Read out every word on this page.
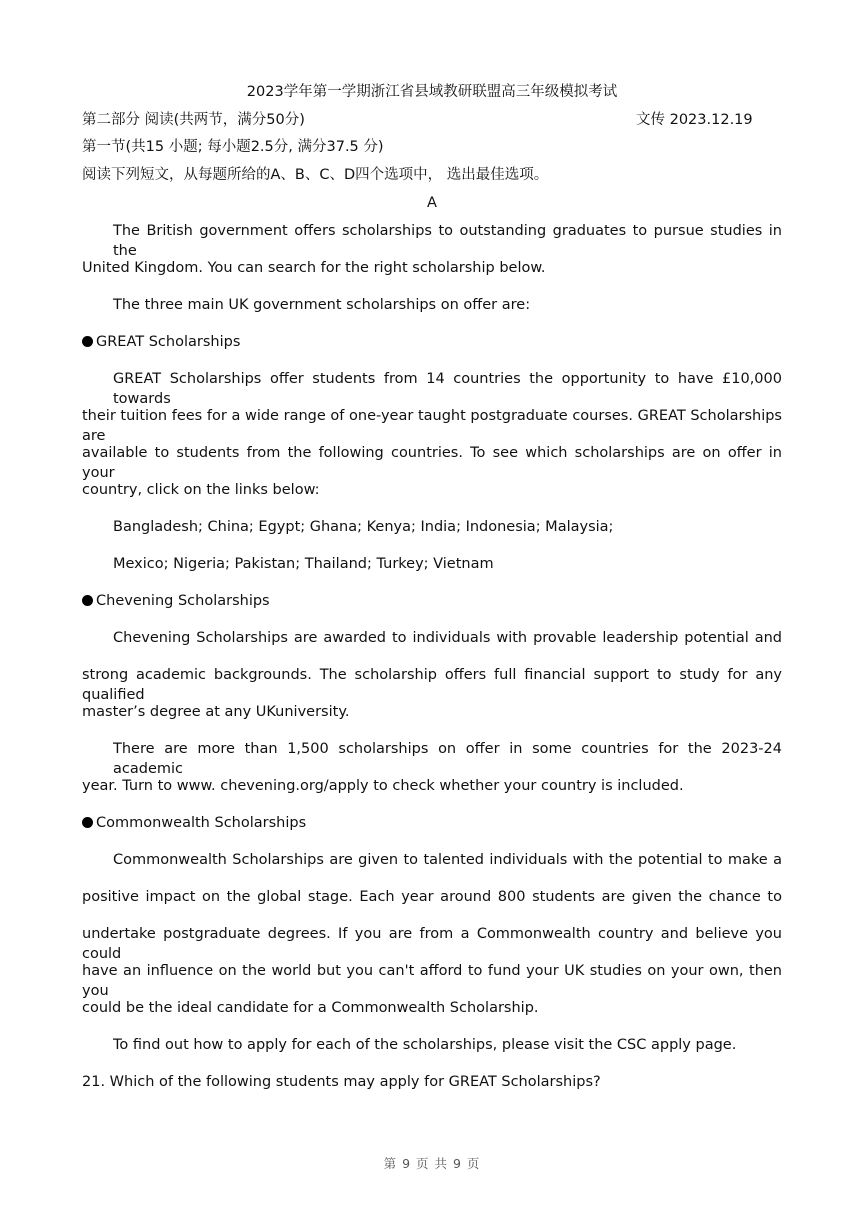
2023学年第一学期浙江省县域教研联盟高三年级模拟考试
第二部分 阅读(共两节，满分50分)	文传 2023.12.19
第一节(共15 小题; 每小题2.5分, 满分37.5 分)
阅读下列短文，从每题所给的A、B、C、D四个选项中， 选出最佳选项。
A
The British government offers scholarships to outstanding graduates to pursue studies in the
United Kingdom. You can search for the right scholarship below.
The three main UK government scholarships on offer are:
GREAT Scholarships
GREAT Scholarships offer students from 14 countries the opportunity to have £10,000 towards
their tuition fees for a wide range of one-year taught postgraduate courses. GREAT Scholarships are
available to students from the following countries. To see which scholarships are on offer in your
country, click on the links below:
Bangladesh; China; Egypt; Ghana; Kenya; India; Indonesia; Malaysia;
Mexico; Nigeria; Pakistan; Thailand; Turkey; Vietnam
Chevening Scholarships
Chevening Scholarships are awarded to individuals with provable leadership potential and
strong academic backgrounds. The scholarship offers full financial support to study for any qualified
master’s degree at any UKuniversity.
There are more than 1,500 scholarships on offer in some countries for the 2023-24 academic
year. Turn to www. chevening.org/apply to check whether your country is included.
Commonwealth Scholarships
Commonwealth Scholarships are given to talented individuals with the potential to make a
positive impact on the global stage. Each year around 800 students are given the chance to
undertake postgraduate degrees. If you are from a Commonwealth country and believe you could
have an influence on the world but you can't afford to fund your UK studies on your own, then you
could be the ideal candidate for a Commonwealth Scholarship.
To find out how to apply for each of the scholarships, please visit the CSC apply page.
21. Which of the following students may apply for GREAT Scholarships?
第 9 页 共 9 页
